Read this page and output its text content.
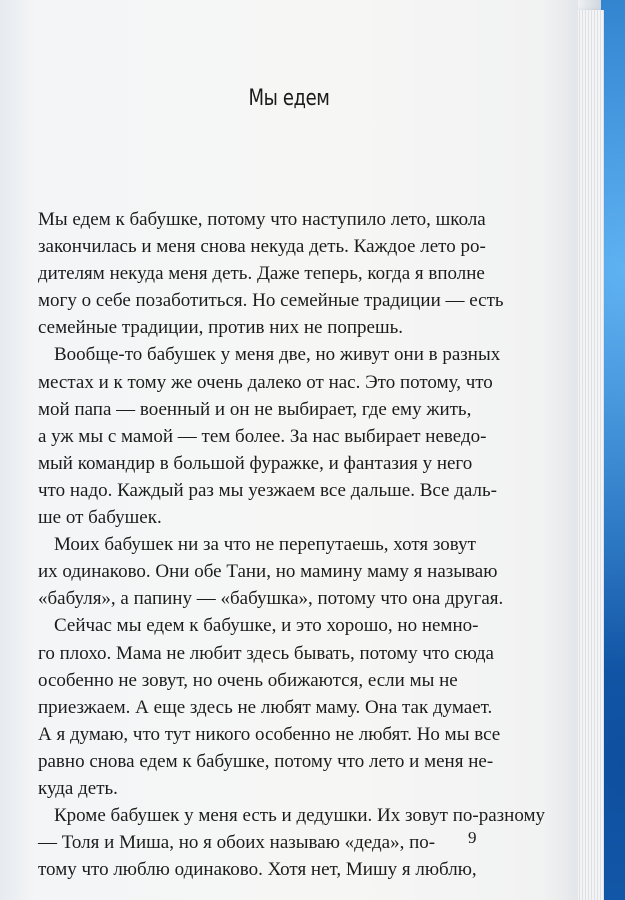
Мы едем
Мы едем к бабушке, потому что наступило лето, школа
закончилась и меня снова некуда деть. Каждое лето ро-
дителям некуда меня деть. Даже теперь, когда я вполне
могу о себе позаботиться. Но семейные традиции — есть
семейные традиции, против них не попрешь.
Вообще-то бабушек у меня две, но живут они в разных
местах и к тому же очень далеко от нас. Это потому, что
мой папа — военный и он не выбирает, где ему жить,
а уж мы с мамой — тем более. За нас выбирает неведо-
мый командир в большой фуражке, и фантазия у него
что надо. Каждый раз мы уезжаем все дальше. Все даль-
ше от бабушек.
Моих бабушек ни за что не перепутаешь, хотя зовут
их одинаково. Они обе Тани, но мамину маму я называю
«бабуля», а папину — «бабушка», потому что она другая.
Сейчас мы едем к бабушке, и это хорошо, но немно-
го плохо. Мама не любит здесь бывать, потому что сюда
особенно не зовут, но очень обижаются, если мы не
приезжаем. А еще здесь не любят маму. Она так думает.
А я думаю, что тут никого особенно не любят. Но мы все
равно снова едем к бабушке, потому что лето и меня не-
куда деть.
Кроме бабушек у меня есть и дедушки. Их зовут по-разному
— Толя и Миша, но я обоих называю «деда», по-
тому что люблю одинаково. Хотя нет, Мишу я люблю,
9
